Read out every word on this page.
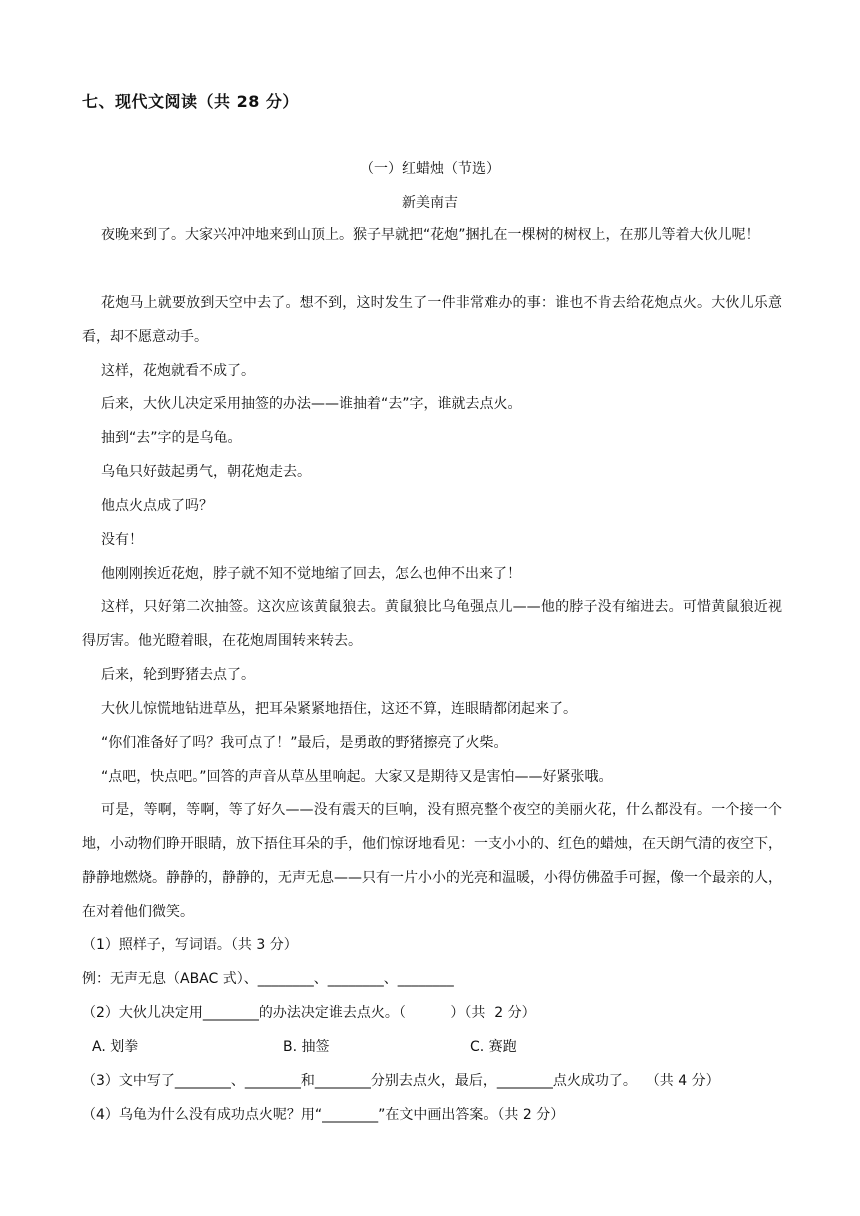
七、现代文阅读（共 28 分）
（一）红蜡烛（节选）
新美南吉
夜晚来到了。大家兴冲冲地来到山顶上。猴子早就把“花炮”捆扎在一棵树的树杈上，在那儿等着大伙儿呢！
花炮马上就要放到天空中去了。想不到，这时发生了一件非常难办的事：谁也不肯去给花炮点火。大伙儿乐意看，却不愿意动手。
这样，花炮就看不成了。
后来，大伙儿决定采用抽签的办法——谁抽着“去”字，谁就去点火。
抽到“去”字的是乌龟。
乌龟只好鼓起勇气，朝花炮走去。
他点火点成了吗？
没有！
他刚刚挨近花炮，脖子就不知不觉地缩了回去，怎么也伸不出来了！
这样，只好第二次抽签。这次应该黄鼠狼去。黄鼠狼比乌龟强点儿——他的脖子没有缩进去。可惜黄鼠狼近视得厉害。他光瞪着眼，在花炮周围转来转去。
后来，轮到野猪去点了。
大伙儿惊慌地钻进草丛，把耳朵紧紧地捂住，这还不算，连眼睛都闭起来了。
“你们准备好了吗？我可点了！”最后，是勇敢的野猪擦亮了火柴。
“点吧，快点吧。”回答的声音从草丛里响起。大家又是期待又是害怕——好紧张哦。
可是，等啊，等啊，等了好久——没有震天的巨响，没有照亮整个夜空的美丽火花，什么都没有。一个接一个地，小动物们睁开眼睛，放下捂住耳朵的手，他们惊讶地看见：一支小小的、红色的蜡烛，在天朗气清的夜空下，静静地燃烧。静静的，静静的，无声无息——只有一片小小的光亮和温暖，小得仿佛盈手可握，像一个最亲的人，在对着他们微笑。
（1）照样子，写词语。（共 3 分）
例：无声无息（ABAC 式）、________、________、________
（2）大伙儿决定用________的办法决定谁去点火。（          ）（共  2 分）
A. 划拳	B. 抽签	C. 赛跑
（3）文中写了________、________和________分别去点火，最后，________点火成功了。  （共 4 分）
（4）乌龟为什么没有成功点火呢？用“________”在文中画出答案。（共 2 分）
